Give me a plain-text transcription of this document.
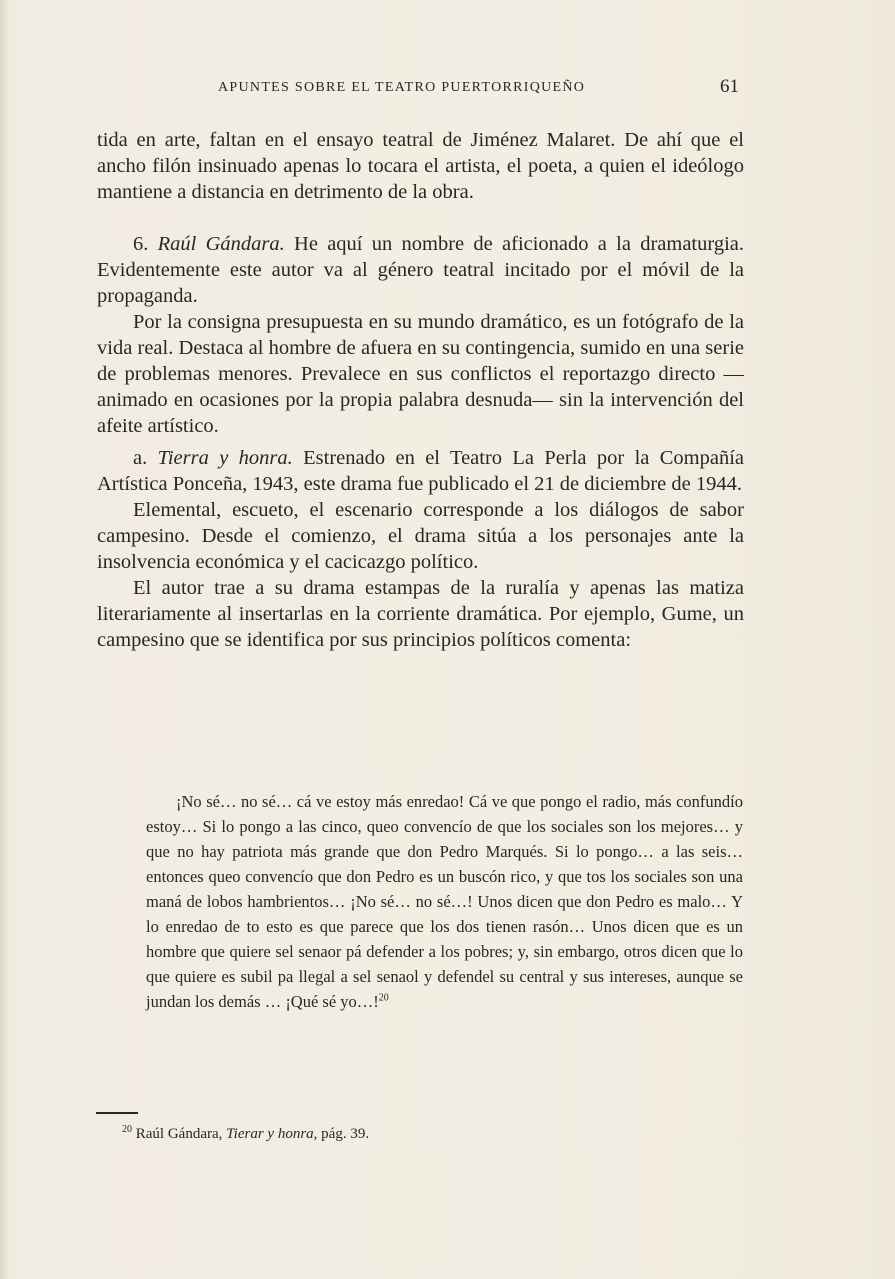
APUNTES SOBRE EL TEATRO PUERTORRIQUEÑO	61

tida en arte, faltan en el ensayo teatral de Jiménez Malaret. De ahí que el ancho filón insinuado apenas lo tocara el artista, el poeta, a quien el ideólogo mantiene a distancia en detrimento de la obra.

6. Raúl Gándara. He aquí un nombre de aficionado a la dramaturgia. Evidentemente este autor va al género teatral incitado por el móvil de la propaganda.

Por la consigna presupuesta en su mundo dramático, es un fotógrafo de la vida real. Destaca al hombre de afuera en su contingencia, sumido en una serie de problemas menores. Prevalece en sus conflictos el reportazgo directo —animado en ocasiones por la propia palabra desnuda— sin la intervención del afeite artístico.

a. Tierra y honra. Estrenado en el Teatro La Perla por la Compañía Artística Ponceña, 1943, este drama fue publicado el 21 de diciembre de 1944.

Elemental, escueto, el escenario corresponde a los diálogos de sabor campesino. Desde el comienzo, el drama sitúa a los personajes ante la insolvencia económica y el cacicazgo político.

El autor trae a su drama estampas de la ruralía y apenas las matiza literariamente al insertarlas en la corriente dramática. Por ejemplo, Gume, un campesino que se identifica por sus principios políticos comenta:

¡No sé… no sé… cá ve estoy más enredao! Cá ve que pongo el radio, más confundío estoy… Si lo pongo a las cinco, queo convencío de que los sociales son los mejores… y que no hay patriota más grande que don Pedro Marqués. Si lo pongo… a las seis… entonces queo convencío que don Pedro es un buscón rico, y que tos los sociales son una maná de lobos hambrientos… ¡No sé… no sé…! Unos dicen que don Pedro es malo… Y lo enredao de to esto es que parece que los dos tienen rasón… Unos dicen que es un hombre que quiere sel senaor pá defender a los pobres; y, sin embargo, otros dicen que lo que quiere es subil pa llegal a sel senaol y defendel su central y sus intereses, aunque se jundan los demás … ¡Qué sé yo…!$^{20}$

$^{20}$ Raúl Gándara, Tierar y honra, pág. 39.
